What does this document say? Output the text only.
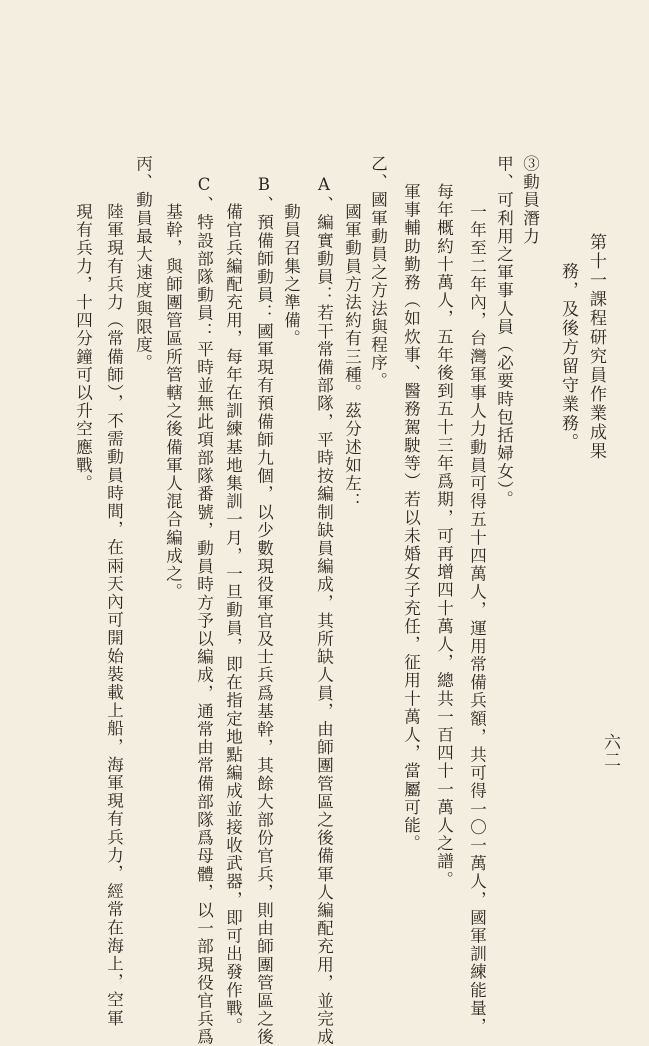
六二
第十一課程研究員作業成果
務，及後方留守業務。
③動員潛力
甲、可利用之軍事人員（必要時包括婦女）。
一年至二年內，台灣軍事人力動員可得五十四萬人，運用常備兵額，共可得一〇一萬人，國軍訓練能量，
每年概約十萬人，五年後到五十三年爲期，可再增四十萬人，總共一百四十一萬人之譜。
軍事輔助勤務（如炊事、醫務駕駛等）若以未婚女子充任，征用十萬人，當屬可能。
乙、國軍動員之方法與程序。
國軍動員方法約有三種。茲分述如左：
A、編實動員：若干常備部隊，平時按編制缺員編成，其所缺人員，由師團管區之後備軍人編配充用，並完成
動員召集之準備。
B、預備師動員：國軍現有預備師九個，以少數現役軍官及士兵爲基幹，其餘大部份官兵，則由師團管區之後
備官兵編配充用，每年在訓練基地集訓一月，一旦動員，即在指定地點編成並接收武器，即可出發作戰。
C、特設部隊動員：平時並無此項部隊番號，動員時方予以編成，通常由常備部隊爲母體，以一部現役官兵爲
基幹，與師團管區所管轄之後備軍人混合編成之。
丙、動員最大速度與限度。
陸軍現有兵力（常備師），不需動員時間，在兩天內可開始裝載上船，海軍現有兵力，經常在海上，空軍
現有兵力，十四分鐘可以升空應戰。
